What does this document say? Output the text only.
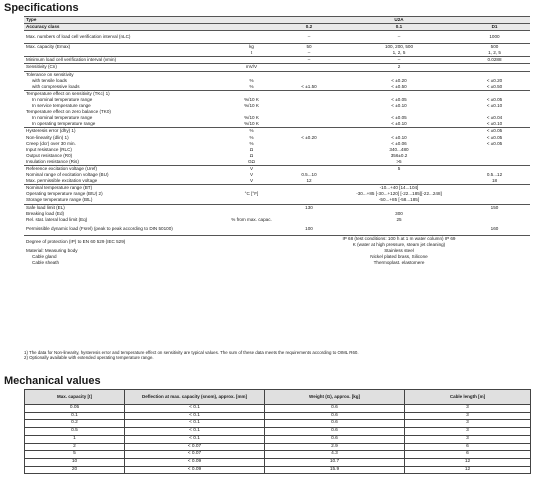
Specifications
Type			U2A	
Accuracy class		0.2	0.1	D1
Max. numbers of load cell verification interval (nLC)		–	–	1000
Max. capacity (Emax)	kg	50	100, 200, 500	500
	t	–	1, 2, 5	1, 2, 5
Minimum load cell verification interval (vmin)		–	–	0.0288
Sensitivity (Cn)	mV/V		2	
Tolerance on sensitivity				
with tensile loads	%		< ±0.20	< ±0.20
with compressive loads	%	< ±1.50	< ±0.50	< ±0.50
Temperature effect on sensitivity (TKc) 1)				
In nominal temperature range	%/10 K		< ±0.05	< ±0.05
In service temperature range	%/10 K		< ±0.10	< ±0.10
Temperature effect on zero balance (TK0)				
In nominal temperature range	%/10 K		< ±0.05	< ±0.04
In operating temperature range	%/10 K		< ±0.10	< ±0.10
Hysteresis error (dhy) 1)	%			< ±0.05
Non-linearity (dlin) 1)	%	< ±0.20	< ±0.10	< ±0.05
Creep (dcr) over 30 min.	%		< ±0.06	< ±0.05
Input resistance (RLC)	Ω		340...480	
Output resistance (R0)	Ω		356±0.2	
Insulation resistance (Ris)	GΩ		>5	
Reference excitation voltage (Uref)	V		5	
Nominal range of excitation voltage (BU)	V	0.5...10		0.5...12
Max. permissible excitation voltage	V	12		18
Nominal temperature range (BT)			-10...+40 [14...104]	
Operating temperature range (BtU) 2)	°C [°F]		-30...+85 [-30...+120] [-22...185][-22...248]	
Storage temperature range (BtL)			-50...+85 [-58...185]	
Safe load limit (EL)		130		150
Breaking load (Ed)			300	
Rel. stat. lateral load limit (Eq)	% from max. capac.		25	
Permissible dynamic load (Fsrel) (peak to peak according to DIN 50100)		100		160
Degree of protection (IP) to EN 60 529 (IEC 529)			IP 68 (test conditions: 100 h at 1 m water column) IP 69 K (water at high pressure, steam jet cleaning)	
Material: Measuring body			Stainless steel	
Cable gland			Nickel plated brass, Silicone	
Cable sheath			Thermoplast. elastomere	
1) The data for Non-linearity, hysteresis error and temperature effect on sensitivity are typical values. The sum of these data meets the requirements according to OIML R60.
2) Optionally available with extended operating temperature range.
Mechanical values
Max. capacity [t]	Deflection at max. capacity (snom), approx. [mm]	Weight (G), approx. [kg]	Cable length [m]
0.05	< 0.1	0.6	3
0.1	< 0.1	0.6	3
0.2	< 0.1	0.6	3
0.5	< 0.1	0.6	3
1	< 0.1	0.6	3
2	< 0.07	2.9	6
5	< 0.07	4.3	6
10	< 0.09	10.7	12
20	< 0.09	15.9	12
